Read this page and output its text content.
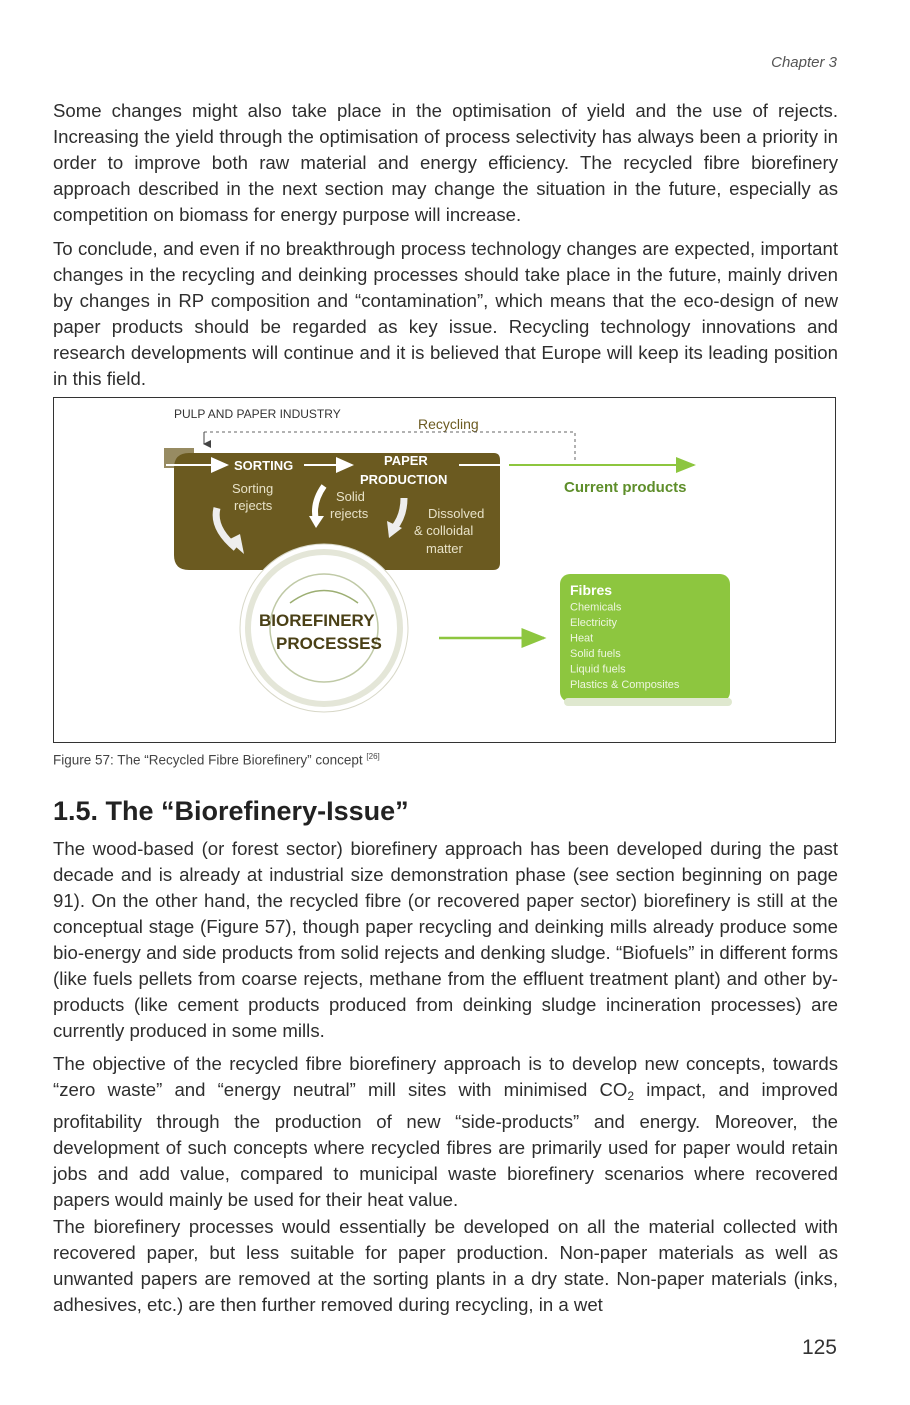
Chapter 3

Some changes might also take place in the optimisation of yield and the use of rejects. Increasing the yield through the optimisation of process selectivity has always been a priority in order to improve both raw material and energy efficiency. The recycled fibre biorefinery approach described in the next section may change the situation in the future, especially as competition on biomass for energy purpose will increase.

To conclude, and even if no breakthrough process technology changes are expected, important changes in the recycling and deinking processes should take place in the future, mainly driven by changes in RP composition and “contamination”, which means that the eco-design of new paper products should be regarded as key issue. Recycling technology innovations and research developments will continue and it is believed that Europe will keep its leading position in this field.

PULP AND PAPER INDUSTRY
Recycling
SORTING	PAPER
PRODUCTION
Sorting
rejects
Solid
rejects	Dissolved
& colloidal
matter
BIOREFINERY
PROCESSES
Current products
Fibres
Chemicals
Electricity
Heat
Solid fuels
Liquid fuels
Plastics & Composites
Figure 57: The “Recycled Fibre Biorefinery” concept [26]
1.5. The “Biorefinery-Issue”

The wood-based (or forest sector) biorefinery approach has been developed during the past decade and is already at industrial size demonstration phase (see section beginning on page 91). On the other hand, the recycled fibre (or recovered paper sector) biorefinery is still at the conceptual stage (Figure 57), though paper recycling and deinking mills already produce some bio-energy and side products from solid rejects and denking sludge. “Biofuels” in different forms (like fuels pellets from coarse rejects, methane from the effluent treatment plant) and other by-products (like cement products produced from deinking sludge incineration processes) are currently produced in some mills.

The objective of the recycled fibre biorefinery approach is to develop new concepts, towards “zero waste” and “energy neutral” mill sites with minimised $CO_2$ impact, and improved profitability through the production of new “side-products” and energy. Moreover, the development of such concepts where recycled fibres are primarily used for paper would retain jobs and add value, compared to municipal waste biorefinery scenarios where recovered papers would mainly be used for their heat value.

The biorefinery processes would essentially be developed on all the material collected with recovered paper, but less suitable for paper production. Non-paper materials as well as unwanted papers are removed at the sorting plants in a dry state. Non-paper materials (inks, adhesives, etc.) are then further removed during recycling, in a wet

125
